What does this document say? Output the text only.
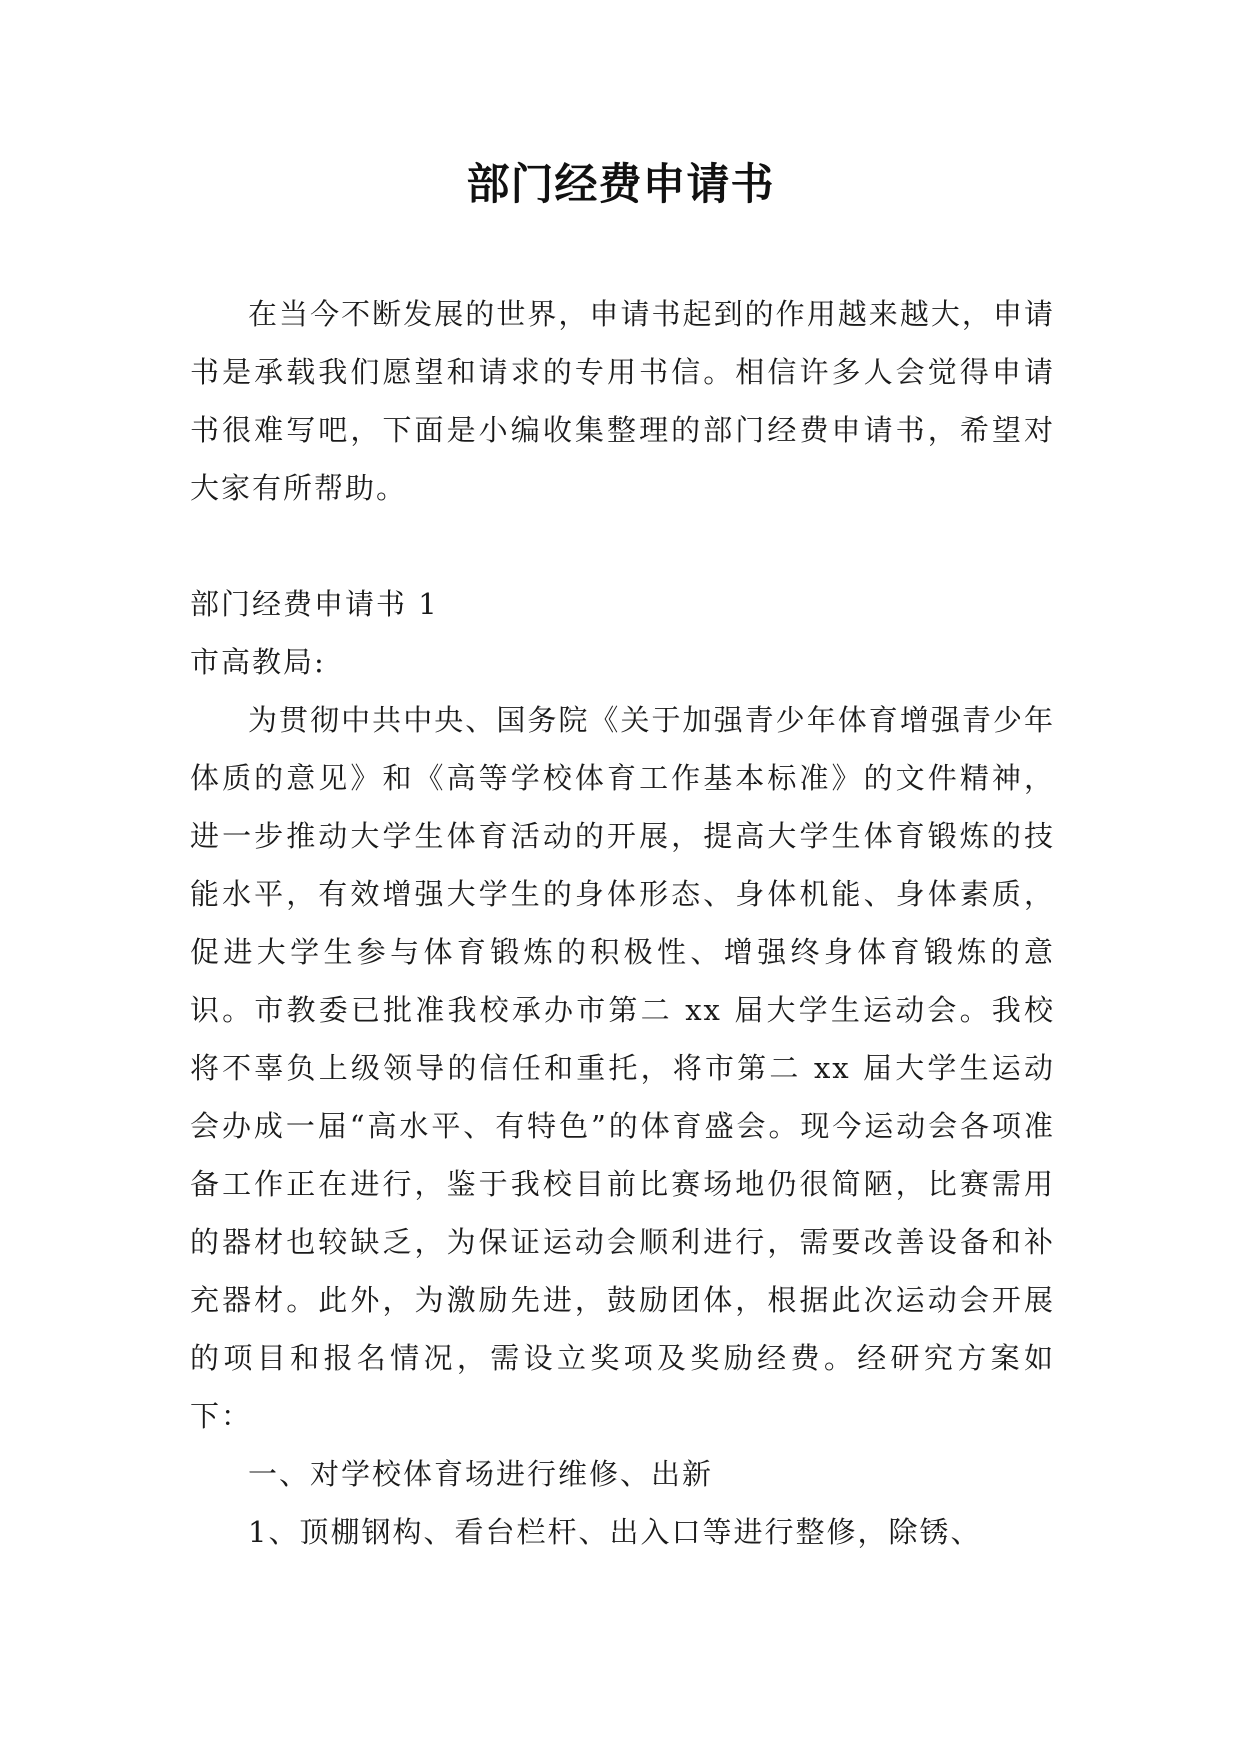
部门经费申请书

在当今不断发展的世界，申请书起到的作用越来越大，申请书是承载我们愿望和请求的专用书信。相信许多人会觉得申请书很难写吧，下面是小编收集整理的部门经费申请书，希望对大家有所帮助。

部门经费申请书 1

市高教局:

为贯彻中共中央、国务院《关于加强青少年体育增强青少年体质的意见》和《高等学校体育工作基本标准》的文件精神，进一步推动大学生体育活动的开展，提高大学生体育锻炼的技能水平，有效增强大学生的身体形态、身体机能、身体素质，促进大学生参与体育锻炼的积极性、增强终身体育锻炼的意识。市教委已批准我校承办市第二 xx 届大学生运动会。我校将不辜负上级领导的信任和重托，将市第二 xx 届大学生运动会办成一届“高水平、有特色”的体育盛会。现今运动会各项准备工作正在进行，鉴于我校目前比赛场地仍很简陋，比赛需用的器材也较缺乏，为保证运动会顺利进行，需要改善设备和补充器材。此外，为激励先进，鼓励团体，根据此次运动会开展的项目和报名情况，需设立奖项及奖励经费。经研究方案如下：

一、对学校体育场进行维修、出新

1、顶棚钢构、看台栏杆、出入口等进行整修，除锈、
